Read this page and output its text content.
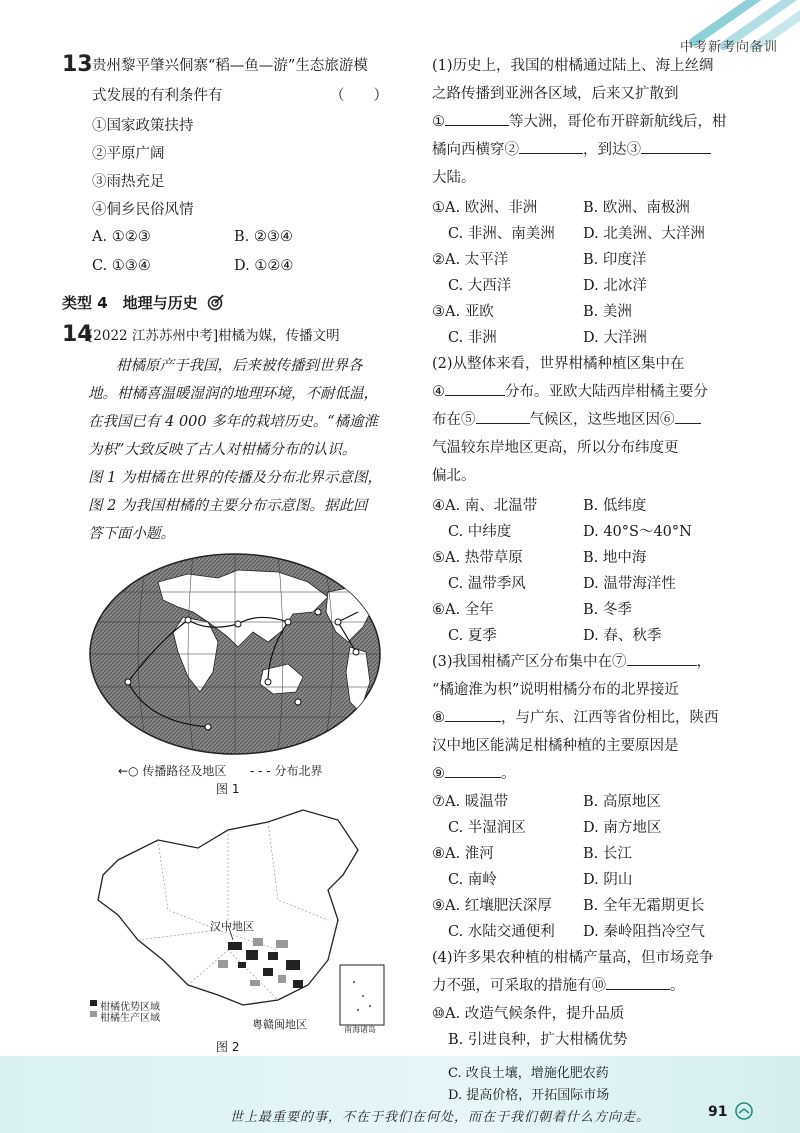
中考新考向备训
13 贵州黎平肇兴侗寨“稻—鱼—游”生态旅游模
式发展的有利条件有	（　　）
①国家政策扶持
②平原广阔
③雨热充足
④侗乡民俗风情
A. ①②③	B. ②③④
C. ①③④	D. ①②④
类型 4　地理与历史
14
[2022 江苏苏州中考]柑橘为媒，传播文明
柑橘原产于我国，后来被传播到世界各
地。柑橘喜温暖湿润的地理环境，不耐低温，
在我国已有 4 000 多年的栽培历史。“橘逾淮
为枳”大致反映了古人对柑橘分布的认识。
图 1 为柑橘在世界的传播及分布北界示意图，
图 2 为我国柑橘的主要分布示意图。据此回
答下面小题。
←○ 传播路径及地区 - - - 分布北界
图 1
汉中地区
粤赣闽地区
柑橘优势区域
柑橘生产区域
南海诸岛
图 2
(1)历史上，我国的柑橘通过陆上、海上丝绸
之路传播到亚洲各区域，后来又扩散到
①	等大洲，哥伦布开辟新航线后，柑
橘向西横穿②	，到达③
大陆。
①A. 欧洲、非洲	B. 欧洲、南极洲
C. 非洲、南美洲 D. 北美洲、大洋洲
②A. 太平洋	B. 印度洋
C. 大西洋	D. 北冰洋
③A. 亚欧	B. 美洲
C. 非洲	D. 大洋洲
(2)从整体来看，世界柑橘种植区集中在
④	分布。亚欧大陆西岸柑橘主要分
布在⑤	气候区，这些地区因⑥
气温较东岸地区更高，所以分布纬度更
偏北。
④A. 南、北温带	B. 低纬度
C. 中纬度	D. 40°S～40°N
⑤A. 热带草原	B. 地中海
C. 温带季风	D. 温带海洋性
⑥A. 全年	B. 冬季
C. 夏季	D. 春、秋季
(3)我国柑橘产区分布集中在⑦	，
“橘逾淮为枳”说明柑橘分布的北界接近
⑧	，与广东、江西等省份相比，陕西
汉中地区能满足柑橘种植的主要原因是
⑨	。
⑦A. 暖温带	B. 高原地区
C. 半湿润区	D. 南方地区
⑧A. 淮河	B. 长江
C. 南岭	D. 阴山
⑨A. 红壤肥沃深厚 B. 全年无霜期更长
C. 水陆交通便利 D. 秦岭阻挡冷空气
(4)许多果农种植的柑橘产量高，但市场竞争
力不强，可采取的措施有⑩	。
⑩A. 改造气候条件，提升品质
B. 引进良种，扩大柑橘优势
C. 改良土壤，增施化肥农药
D. 提高价格，开拓国际市场
世上最重要的事，不在于我们在何处，而在于我们朝着什么方向走。	91
